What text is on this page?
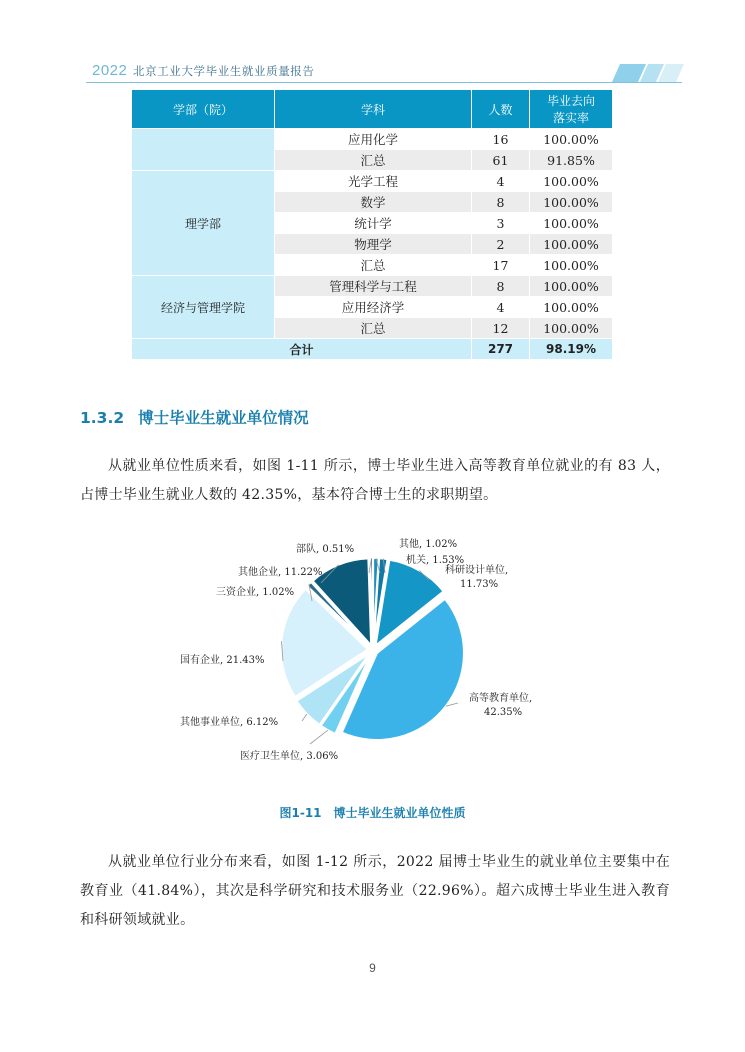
2022 北京工业大学毕业生就业质量报告
学部（院）	学科	人数	毕业去向
落实率
	应用化学	16	100.00%
	汇总	61	91.85%
理学部	光学工程	4	100.00%
	数学	8	100.00%
	统计学	3	100.00%
	物理学	2	100.00%
	汇总	17	100.00%
经济与管理学院	管理科学与工程	8	100.00%
	应用经济学	4	100.00%
	汇总	12	100.00%
合计		277	98.19%
1.3.2 博士毕业生就业单位情况
从就业单位性质来看，如图 1-11 所示，博士毕业生进入高等教育单位就业的有 83 人，占博士毕业生就业人数的 42.35%，基本符合博士生的求职期望。
其他, 1.02%
机关, 1.53%
科研设计单位,
11.73%
高等教育单位,
42.35%
医疗卫生单位, 3.06%
其他事业单位, 6.12%
国有企业, 21.43%
三资企业, 1.02%
其他企业, 11.22%
部队, 0.51%
图1-11　博士毕业生就业单位性质
从就业单位行业分布来看，如图 1-12 所示，2022 届博士毕业生的就业单位主要集中在教育业（41.84%），其次是科学研究和技术服务业（22.96%）。超六成博士毕业生进入教育和科研领域就业。
9
